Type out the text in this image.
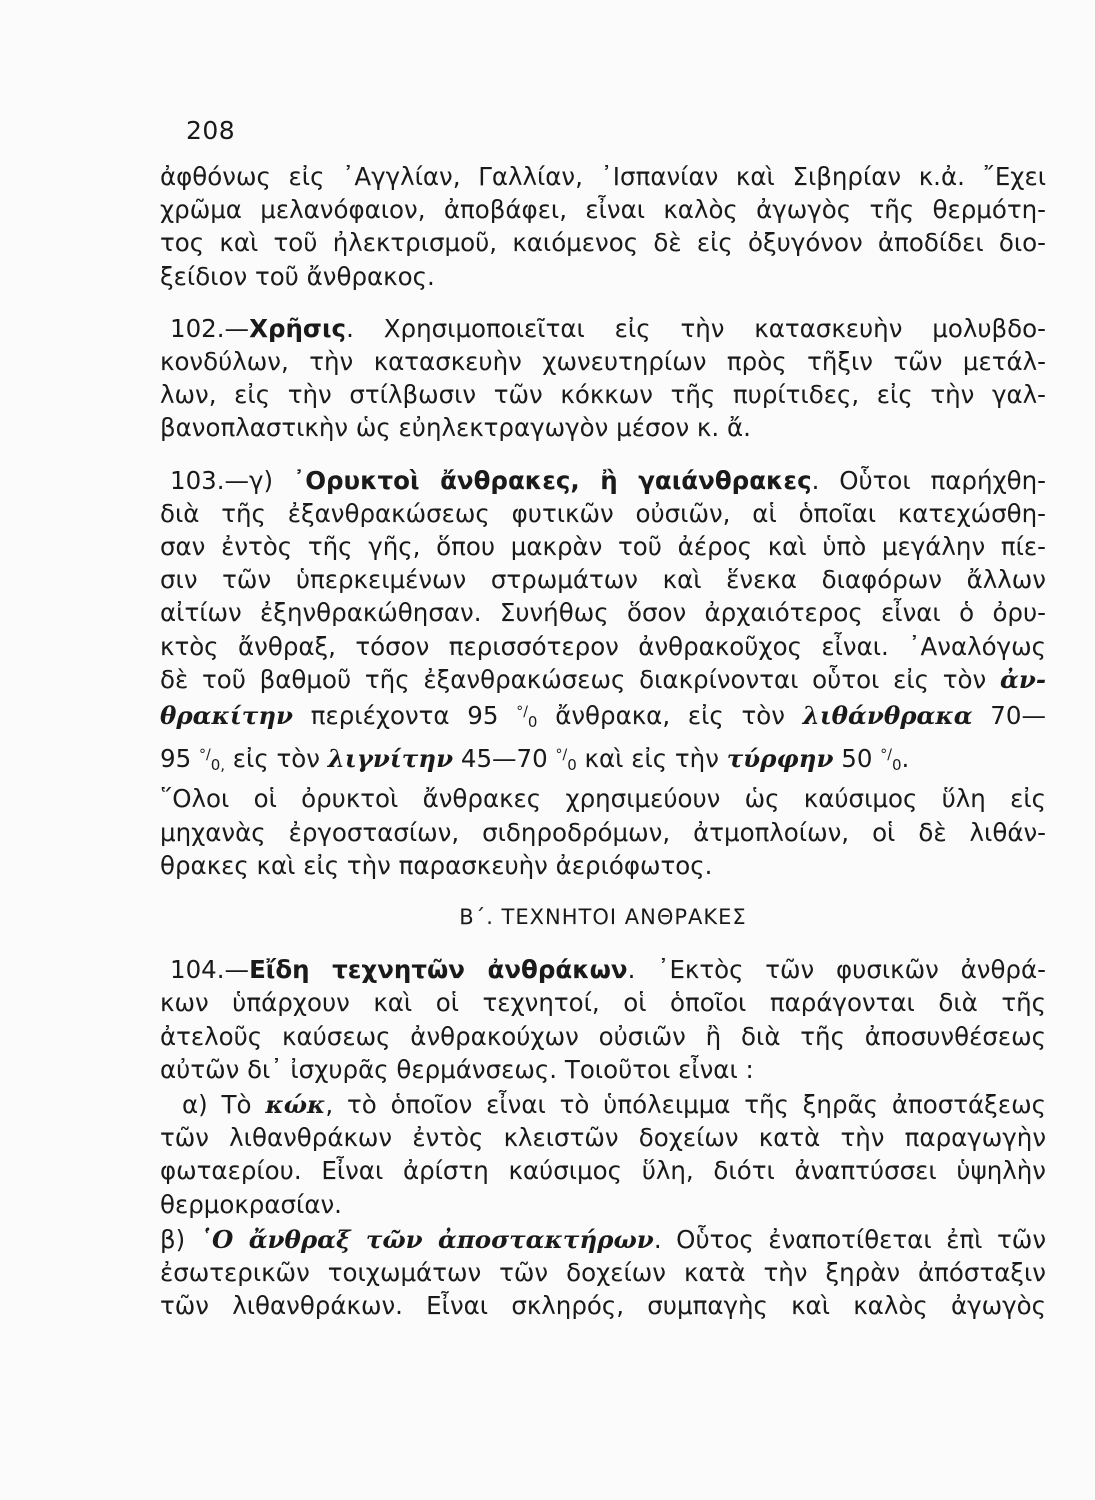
208
ἀφθόνως εἰς ᾿Αγγλίαν, Γαλλίαν, ᾿Ισπανίαν καὶ Σιβηρίαν κ.ἀ. ῎Εχει
χρῶμα μελανόφαιον, ἀποβάφει, εἶναι καλὸς ἀγωγὸς τῆς θερμότη-
τος καὶ τοῦ ἠλεκτρισμοῦ, καιόμενος δὲ εἰς ὀξυγόνον ἀποδίδει διο-
ξείδιον τοῦ ἄνθρακος.
102.—Χρῆσις. Χρησιμοποιεῖται εἰς τὴν κατασκευὴν μολυβδο-
κονδύλων, τὴν κατασκευὴν χωνευτηρίων πρὸς τῆξιν τῶν μετάλ-
λων, εἰς τὴν στίλβωσιν τῶν κόκκων τῆς πυρίτιδες, εἰς τὴν γαλ-
βανοπλαστικὴν ὡς εὐηλεκτραγωγὸν μέσον κ. ἄ.
103.—γ) ᾿Ορυκτοὶ ἄνθρακες, ἢ γαιάνθρακες. Οὗτοι παρήχθη-
διὰ τῆς ἐξανθρακώσεως φυτικῶν οὐσιῶν, αἱ ὁποῖαι κατεχώσθη-
σαν ἐντὸς τῆς γῆς, ὅπου μακρὰν τοῦ ἀέρος καὶ ὑπὸ μεγάλην πίε-
σιν τῶν ὑπερκειμένων στρωμάτων καὶ ἕνεκα διαφόρων ἄλλων
αἰτίων ἐξηνθρακώθησαν. Συνήθως ὅσον ἀρχαιότερος εἶναι ὁ ὀρυ-
κτὸς ἄνθραξ, τόσον περισσότερον ἀνθρακοῦχος εἶναι. ᾿Αναλόγως
δὲ τοῦ βαθμοῦ τῆς ἐξανθρακώσεως διακρίνονται οὗτοι εἰς τὸν ἀν-
θρακίτην περιέχοντα 95 °/$_0$ ἄνθρακα, εἰς τὸν λιθάνθρακα 70—
95 °/$_{0,}$ εἰς τὸν λιγνίτην 45—70 °/$_0$ καὶ εἰς τὴν τύρφην 50 °/$_0$.
῞Ολοι οἱ ὀρυκτοὶ ἄνθρακες χρησιμεύουν ὡς καύσιμος ὕλη εἰς
μηχανὰς ἐργοστασίων, σιδηροδρόμων, ἀτμοπλοίων, οἱ δὲ λιθάν-
θρακες καὶ εἰς τὴν παρασκευὴν ἀεριόφωτος.
Β΄. ΤΕΧΝΗΤΟΙ ΑΝΘΡΑΚΕΣ
104.—Εἴδη τεχνητῶν ἀνθράκων. ᾿Εκτὸς τῶν φυσικῶν ἀνθρά-
κων ὑπάρχουν καὶ οἱ τεχνητοί, οἱ ὁποῖοι παράγονται διὰ τῆς
ἀτελοῦς καύσεως ἀνθρακούχων οὐσιῶν ἢ διὰ τῆς ἀποσυνθέσεως
αὐτῶν δι᾿ ἰσχυρᾶς θερμάνσεως. Τοιοῦτοι εἶναι :
α) Τὸ κώκ, τὸ ὁποῖον εἶναι τὸ ὑπόλειμμα τῆς ξηρᾶς ἀποστάξεως
τῶν λιθανθράκων ἐντὸς κλειστῶν δοχείων κατὰ τὴν παραγωγὴν
φωταερίου. Εἶναι ἀρίστη καύσιμος ὕλη, διότι ἀναπτύσσει ὑψηλὴν
θερμοκρασίαν.
β) ῾Ο ἄνθραξ τῶν ἀποστακτήρων. Οὗτος ἐναποτίθεται ἐπὶ τῶν
ἐσωτερικῶν τοιχωμάτων τῶν δοχείων κατὰ τὴν ξηρὰν ἀπόσταξιν
τῶν λιθανθράκων. Εἶναι σκληρός, συμπαγὴς καὶ καλὸς ἀγωγὸς
